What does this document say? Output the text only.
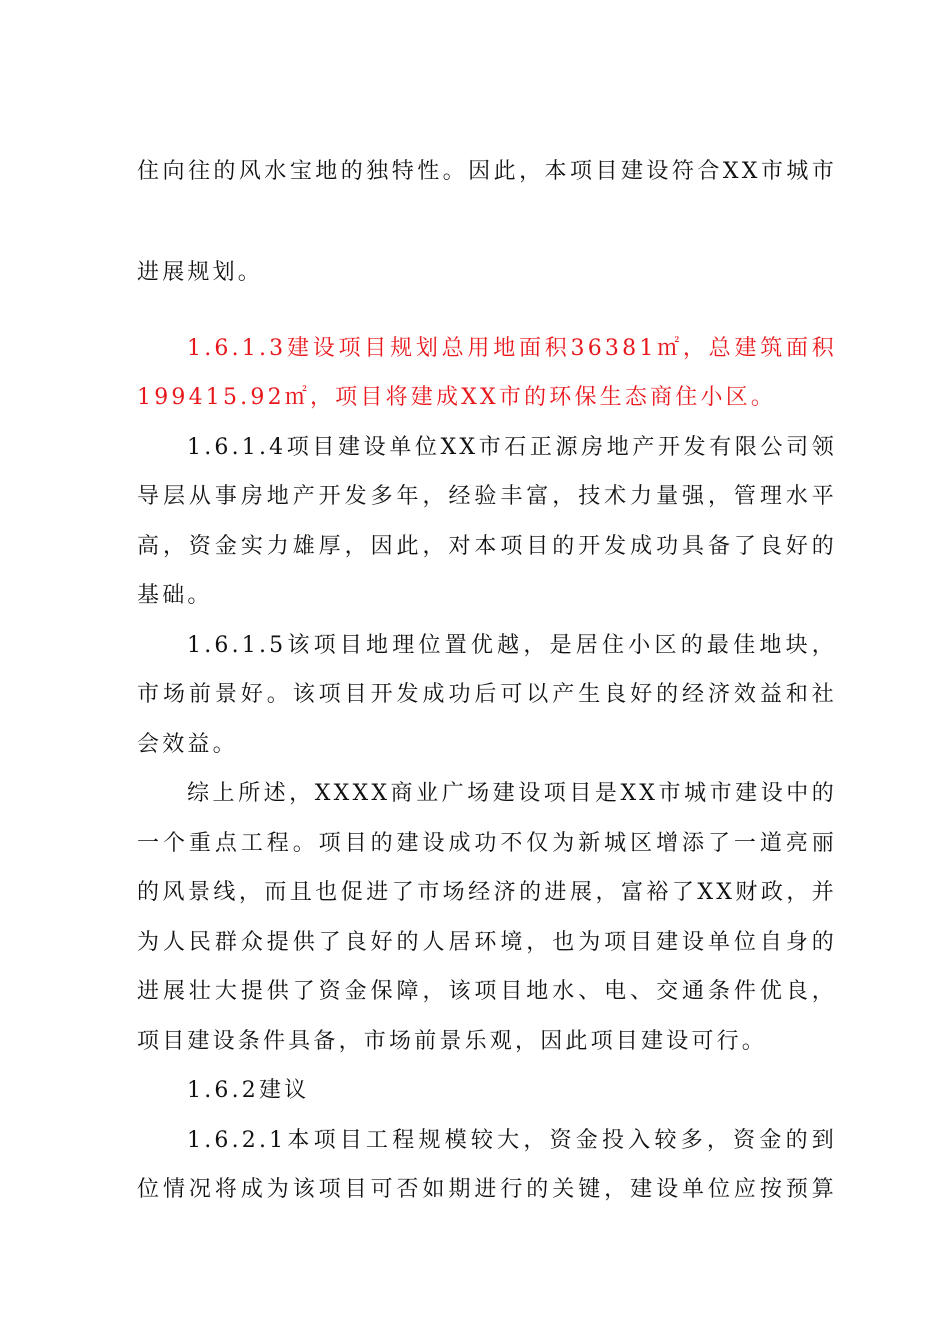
住向往的风水宝地的独特性。因此，本项目建设符合XX市城市
进展规划。
1.6.1.3建设项目规划总用地面积36381㎡，总建筑面积
199415.92㎡，项目将建成XX市的环保生态商住小区。
1.6.1.4项目建设单位XX市石正源房地产开发有限公司领
导层从事房地产开发多年，经验丰富，技术力量强，管理水平
高，资金实力雄厚，因此，对本项目的开发成功具备了良好的
基础。
1.6.1.5该项目地理位置优越，是居住小区的最佳地块，
市场前景好。该项目开发成功后可以产生良好的经济效益和社
会效益。
综上所述，XXXX商业广场建设项目是XX市城市建设中的
一个重点工程。项目的建设成功不仅为新城区增添了一道亮丽
的风景线，而且也促进了市场经济的进展，富裕了XX财政，并
为人民群众提供了良好的人居环境，也为项目建设单位自身的
进展壮大提供了资金保障，该项目地水、电、交通条件优良，
项目建设条件具备，市场前景乐观，因此项目建设可行。
1.6.2建议
1.6.2.1本项目工程规模较大，资金投入较多，资金的到
位情况将成为该项目可否如期进行的关键，建设单位应按预算
